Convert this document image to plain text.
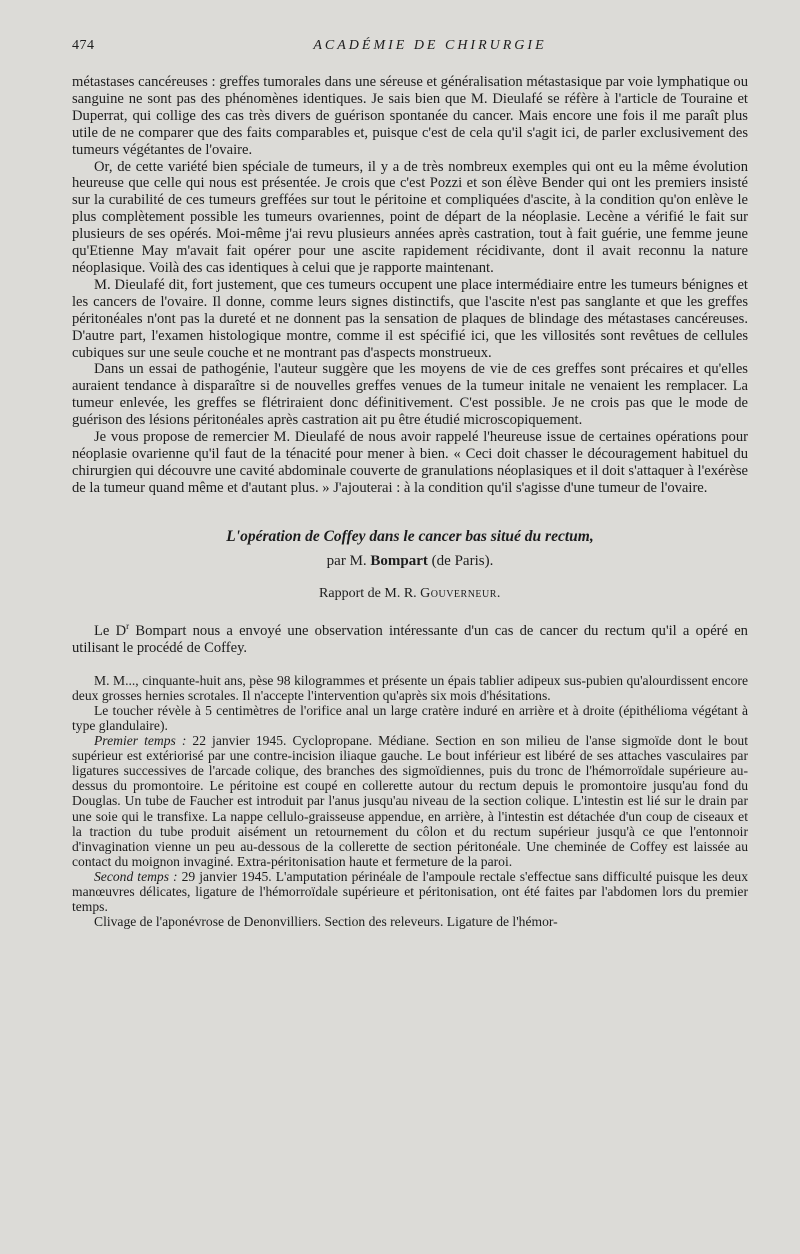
474	ACADÉMIE DE CHIRURGIE

métastases cancéreuses : greffes tumorales dans une séreuse et généralisation métastasique par voie lymphatique ou sanguine ne sont pas des phénomènes identiques. Je sais bien que M. Dieulafé se réfère à l'article de Touraine et Duperrat, qui collige des cas très divers de guérison spontanée du cancer. Mais encore une fois il me paraît plus utile de ne comparer que des faits comparables et, puisque c'est de cela qu'il s'agit ici, de parler exclusivement des tumeurs végétantes de l'ovaire.

Or, de cette variété bien spéciale de tumeurs, il y a de très nombreux exemples qui ont eu la même évolution heureuse que celle qui nous est présentée. Je crois que c'est Pozzi et son élève Bender qui ont les premiers insisté sur la curabilité de ces tumeurs greffées sur tout le péritoine et compliquées d'ascite, à la condition qu'on enlève le plus complètement possible les tumeurs ovariennes, point de départ de la néoplasie. Lecène a vérifié le fait sur plusieurs de ses opérés. Moi-même j'ai revu plusieurs années après castration, tout à fait guérie, une femme jeune qu'Etienne May m'avait fait opérer pour une ascite rapidement récidivante, dont il avait reconnu la nature néoplasique. Voilà des cas identiques à celui que je rapporte maintenant.

M. Dieulafé dit, fort justement, que ces tumeurs occupent une place intermédiaire entre les tumeurs bénignes et les cancers de l'ovaire. Il donne, comme leurs signes distinctifs, que l'ascite n'est pas sanglante et que les greffes péritonéales n'ont pas la dureté et ne donnent pas la sensation de plaques de blindage des métastases cancéreuses. D'autre part, l'examen histologique montre, comme il est spécifié ici, que les villosités sont revêtues de cellules cubiques sur une seule couche et ne montrant pas d'aspects monstrueux.

Dans un essai de pathogénie, l'auteur suggère que les moyens de vie de ces greffes sont précaires et qu'elles auraient tendance à disparaître si de nouvelles greffes venues de la tumeur initale ne venaient les remplacer. La tumeur enlevée, les greffes se flétriraient donc définitivement. C'est possible. Je ne crois pas que le mode de guérison des lésions péritonéales après castration ait pu être étudié microscopiquement.

Je vous propose de remercier M. Dieulafé de nous avoir rappelé l'heureuse issue de certaines opérations pour néoplasie ovarienne qu'il faut de la ténacité pour mener à bien. « Ceci doit chasser le découragement habituel du chirurgien qui découvre une cavité abdominale couverte de granulations néoplasiques et il doit s'attaquer à l'exérèse de la tumeur quand même et d'autant plus. » J'ajouterai : à la condition qu'il s'agisse d'une tumeur de l'ovaire.

L'opération de Coffey dans le cancer bas situé du rectum,
par M. Bompart (de Paris).
Rapport de M. R. Gouverneur.

Le $D^r$ Bompart nous a envoyé une observation intéressante d'un cas de cancer du rectum qu'il a opéré en utilisant le procédé de Coffey.

M. M..., cinquante-huit ans, pèse 98 kilogrammes et présente un épais tablier adipeux sus-pubien qu'alourdissent encore deux grosses hernies scrotales. Il n'accepte l'intervention qu'après six mois d'hésitations.

Le toucher révèle à 5 centimètres de l'orifice anal un large cratère induré en arrière et à droite (épithélioma végétant à type glandulaire).

Premier temps : 22 janvier 1945. Cyclopropane. Médiane. Section en son milieu de l'anse sigmoïde dont le bout supérieur est extériorisé par une contre-incision iliaque gauche. Le bout inférieur est libéré de ses attaches vasculaires par ligatures successives de l'arcade colique, des branches des sigmoïdiennes, puis du tronc de l'hémorroïdale supérieure au-dessus du promontoire. Le péritoine est coupé en collerette autour du rectum depuis le promontoire jusqu'au fond du Douglas. Un tube de Faucher est introduit par l'anus jusqu'au niveau de la section colique. L'intestin est lié sur le drain par une soie qui le transfixe. La nappe cellulo-graisseuse appendue, en arrière, à l'intestin est détachée d'un coup de ciseaux et la traction du tube produit aisément un retournement du côlon et du rectum supérieur jusqu'à ce que l'entonnoir d'invagination vienne un peu au-dessous de la collerette de section péritonéale. Une cheminée de Coffey est laissée au contact du moignon invaginé. Extra-péritonisation haute et fermeture de la paroi.

Second temps : 29 janvier 1945. L'amputation périnéale de l'ampoule rectale s'effectue sans difficulté puisque les deux manœuvres délicates, ligature de l'hémorroïdale supérieure et péritonisation, ont été faites par l'abdomen lors du premier temps.

Clivage de l'aponévrose de Denonvilliers. Section des releveurs. Ligature de l'hémor-
